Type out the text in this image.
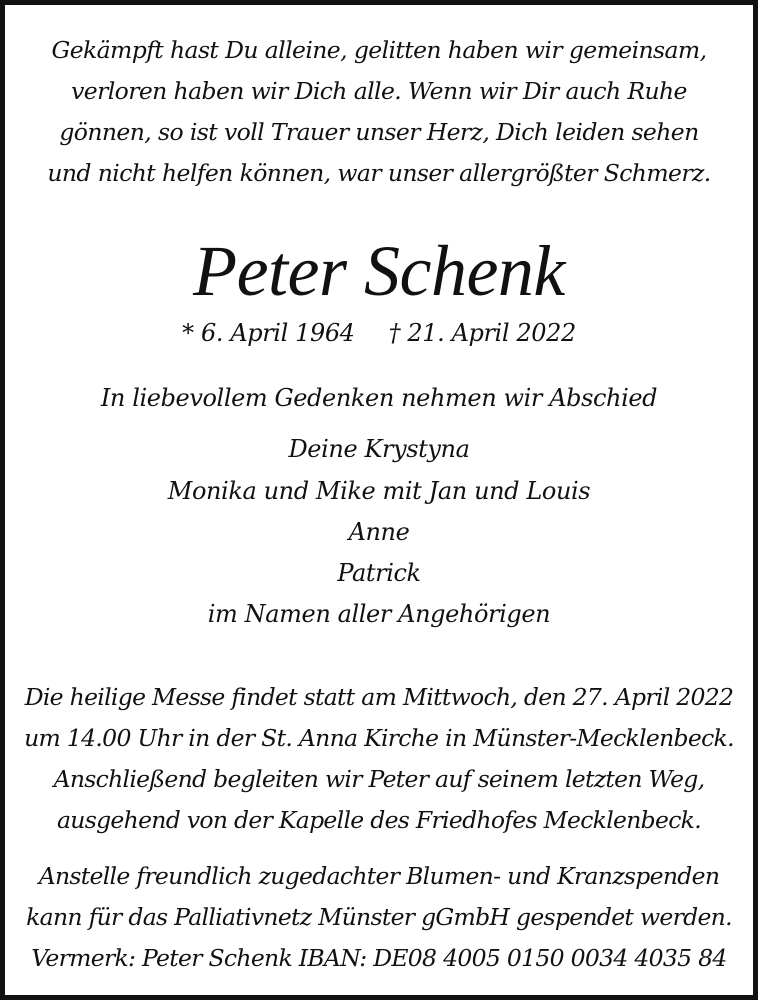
Gekämpft hast Du alleine, gelitten haben wir gemeinsam,
verloren haben wir Dich alle. Wenn wir Dir auch Ruhe
gönnen, so ist voll Trauer unser Herz, Dich leiden sehen
und nicht helfen können, war unser allergrößter Schmerz.
Peter Schenk
* 6. April 1964 † 21. April 2022
In liebevollem Gedenken nehmen wir Abschied
Deine Krystyna
Monika und Mike mit Jan und Louis
Anne
Patrick
im Namen aller Angehörigen
Die heilige Messe findet statt am Mittwoch, den 27. April 2022
um 14.00 Uhr in der St. Anna Kirche in Münster-Mecklenbeck.
Anschließend begleiten wir Peter auf seinem letzten Weg,
ausgehend von der Kapelle des Friedhofes Mecklenbeck.
Anstelle freundlich zugedachter Blumen- und Kranzspenden
kann für das Palliativnetz Münster gGmbH gespendet werden.
Vermerk: Peter Schenk IBAN: DE08 4005 0150 0034 4035 84
